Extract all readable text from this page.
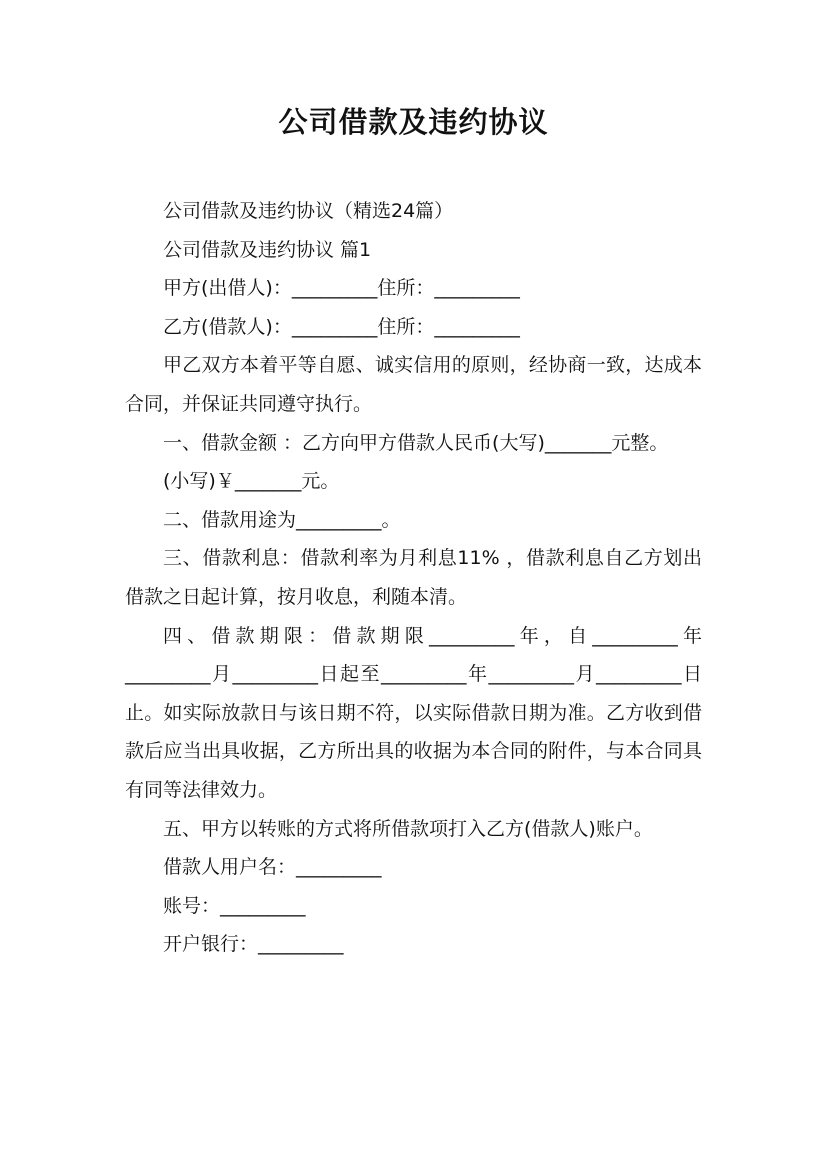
公司借款及违约协议

公司借款及违约协议（精选24篇）

公司借款及违约协议 篇1

甲方(出借人)：_________住所：_________

乙方(借款人)：_________住所：_________

甲乙双方本着平等自愿、诚实信用的原则，经协商一致，达成本合同，并保证共同遵守执行。

一、借款金额 ：乙方向甲方借款人民币(大写)_______元整。

(小写)￥_______元。

二、借款用途为_________。

三、借款利息：借款利率为月利息11% ，借款利息自乙方划出借款之日起计算，按月收息，利随本清。

四、借款期限：借款期限_________年，自_________年_________月_________日起至_________年_________月_________日止。如实际放款日与该日期不符，以实际借款日期为准。乙方收到借款后应当出具收据，乙方所出具的收据为本合同的附件，与本合同具有同等法律效力。

五、甲方以转账的方式将所借款项打入乙方(借款人)账户。

借款人用户名：_________

账号：_________

开户银行：_________
